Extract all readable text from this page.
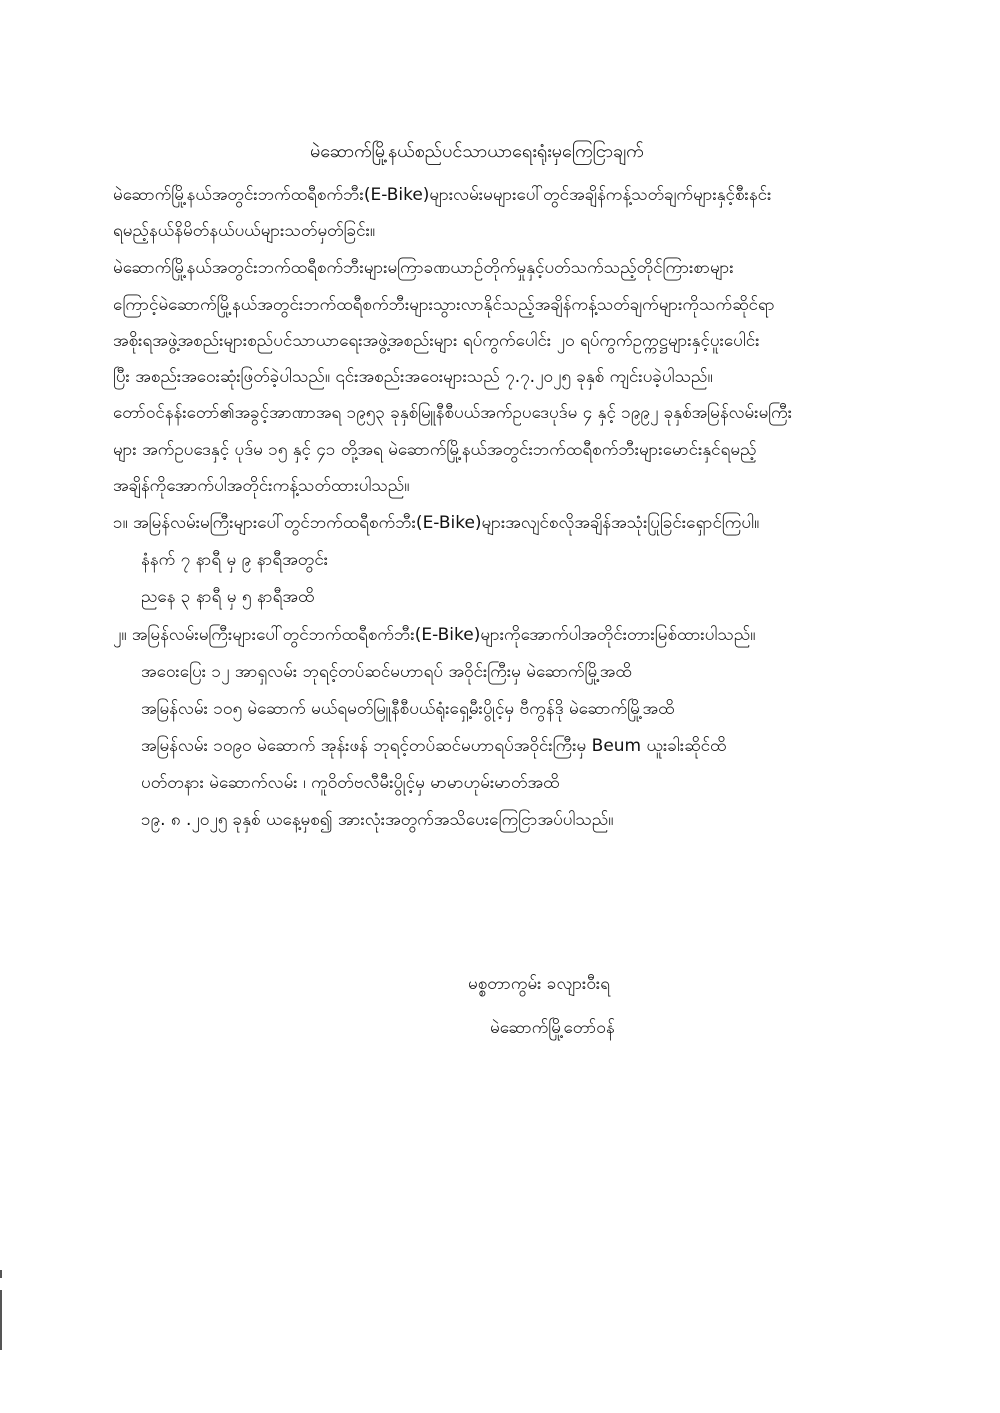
မဲဆောက်မြို့နယ်စည်ပင်သာယာရေးရုံးမှကြေငြာချက်
မဲဆောက်မြို့နယ်အတွင်းဘက်ထရီစက်ဘီး(E-Bike)များလမ်းမများပေါ်တွင်အချိန်ကန့်သတ်ချက်များနှင့်စီးနင်း
ရမည့်နယ်နိမိတ်နယ်ပယ်များသတ်မှတ်ခြင်း။
မဲဆောက်မြို့နယ်အတွင်းဘက်ထရီစက်ဘီးများမကြာခဏယာဉ်တိုက်မှုနှင့်ပတ်သက်သည့်တိုင်ကြားစာများ
ကြောင့်မဲဆောက်မြို့နယ်အတွင်းဘက်ထရီစက်ဘီးများသွားလာနိုင်သည့်အချိန်ကန့်သတ်ချက်များကိုသက်ဆိုင်ရာ
အစိုးရအဖွဲ့အစည်းများစည်ပင်သာယာရေးအဖွဲ့အစည်းများ ရပ်ကွက်ပေါင်း ၂၀ ရပ်ကွက်ဥက္ကဋ္ဌများနှင့်ပူးပေါင်း
ပြီး အစည်းအဝေးဆုံးဖြတ်ခဲ့ပါသည်။ ၎င်းအစည်းအဝေးများသည် ၇.၇.၂၀၂၅ ခုနှစ် ကျင်းပခဲ့ပါသည်။
တော်ဝင်နန်းတော်၏အခွင့်အာဏာအရ ၁၉၅၃ ခုနှစ်မြူနီစီပယ်အက်ဥပဒေပုဒ်မ ၄ နှင့် ၁၉၉၂ ခုနှစ်အမြန်လမ်းမကြီး
များ အက်ဥပဒေနှင့် ပုဒ်မ ၁၅ နှင့် ၄၁ တို့အရ မဲဆောက်မြို့နယ်အတွင်းဘက်ထရီစက်ဘီးများမောင်းနှင်ရမည့်
အချိန်ကိုအောက်ပါအတိုင်းကန့်သတ်ထားပါသည်။
၁။ အမြန်လမ်းမကြီးများပေါ်တွင်ဘက်ထရီစက်ဘီး(E-Bike)များအလျင်စလိုအချိန်အသုံးပြုခြင်းရှောင်ကြပါ။
နံနက် ၇ နာရီ မှ ၉ နာရီအတွင်း
ညနေ ၃ နာရီ မှ ၅ နာရီအထိ
၂။ အမြန်လမ်းမကြီးများပေါ်တွင်ဘက်ထရီစက်ဘီး(E-Bike)များကိုအောက်ပါအတိုင်းတားမြစ်ထားပါသည်။
အဝေးပြေး ၁၂ အာရှလမ်း ဘုရင့်တပ်ဆင်မဟာရပ် အဝိုင်းကြီးမှ မဲဆောက်မြို့အထိ
အမြန်လမ်း ၁၀၅ မဲဆောက် မယ်ရမတ်မြူနီစီပယ်ရုံးရှေ့မီးပွိုင့်မှ ဗီကွန်ဒို မဲဆောက်မြို့အထိ
အမြန်လမ်း ၁၀၉၀ မဲဆောက် အုန်းဖန် ဘုရင့်တပ်ဆင်မဟာရပ်အဝိုင်းကြီးမှ Beum ယူးခါးဆိုင်ထိ
ပတ်တနား မဲဆောက်လမ်း ၊ ကူဝိတ်ဗလီမီးပွိုင့်မှ မာမာဟုမ်းမာတ်အထိ
၁၉. ၈ .၂၀၂၅ ခုနှစ် ယနေ့မှစ၍ အားလုံးအတွက်အသိပေးကြေငြာအပ်ပါသည်။
မစ္စတာကွမ်း ခလျားဝီးရ
မဲဆောက်မြို့တော်ဝန်
